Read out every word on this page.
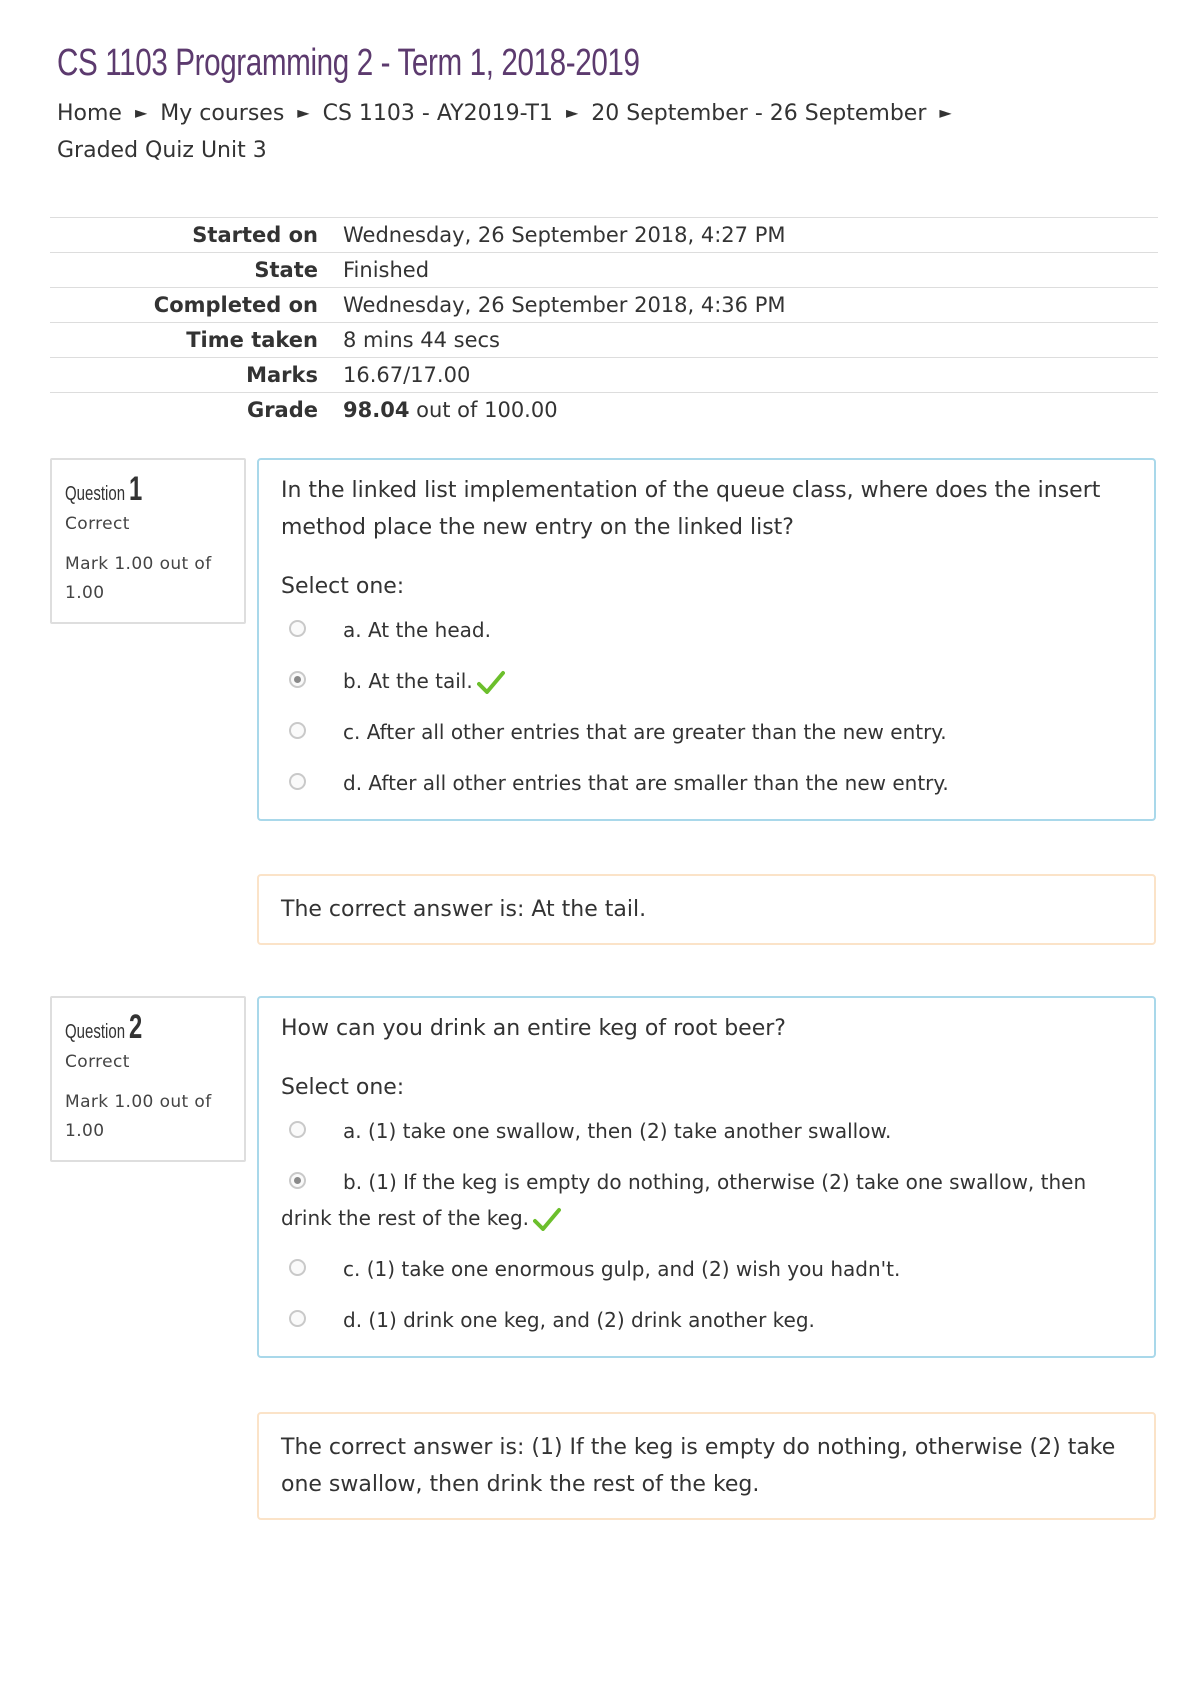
CS 1103 Programming 2 - Term 1, 2018-2019
Home ► My courses ► CS 1103 - AY2019-T1 ► 20 September - 26 September ►
Graded Quiz Unit 3
Started on	Wednesday, 26 September 2018, 4:27 PM
State	Finished
Completed on	Wednesday, 26 September 2018, 4:36 PM
Time taken	8 mins 44 secs
Marks	16.67/17.00
Grade	98.04 out of 100.00
Question 1
Correct
Mark 1.00 out of 1.00
In the linked list implementation of the queue class, where does the insert method place the new entry on the linked list?
Select one:
a. At the head.
b. At the tail.
c. After all other entries that are greater than the new entry.
d. After all other entries that are smaller than the new entry.
The correct answer is: At the tail.
Question 2
Correct
Mark 1.00 out of 1.00
How can you drink an entire keg of root beer?
Select one:
a. (1) take one swallow, then (2) take another swallow.
b. (1) If the keg is empty do nothing, otherwise (2) take one swallow, then drink the rest of the keg.
c. (1) take one enormous gulp, and (2) wish you hadn't.
d. (1) drink one keg, and (2) drink another keg.
The correct answer is: (1) If the keg is empty do nothing, otherwise (2) take one swallow, then drink the rest of the keg.
